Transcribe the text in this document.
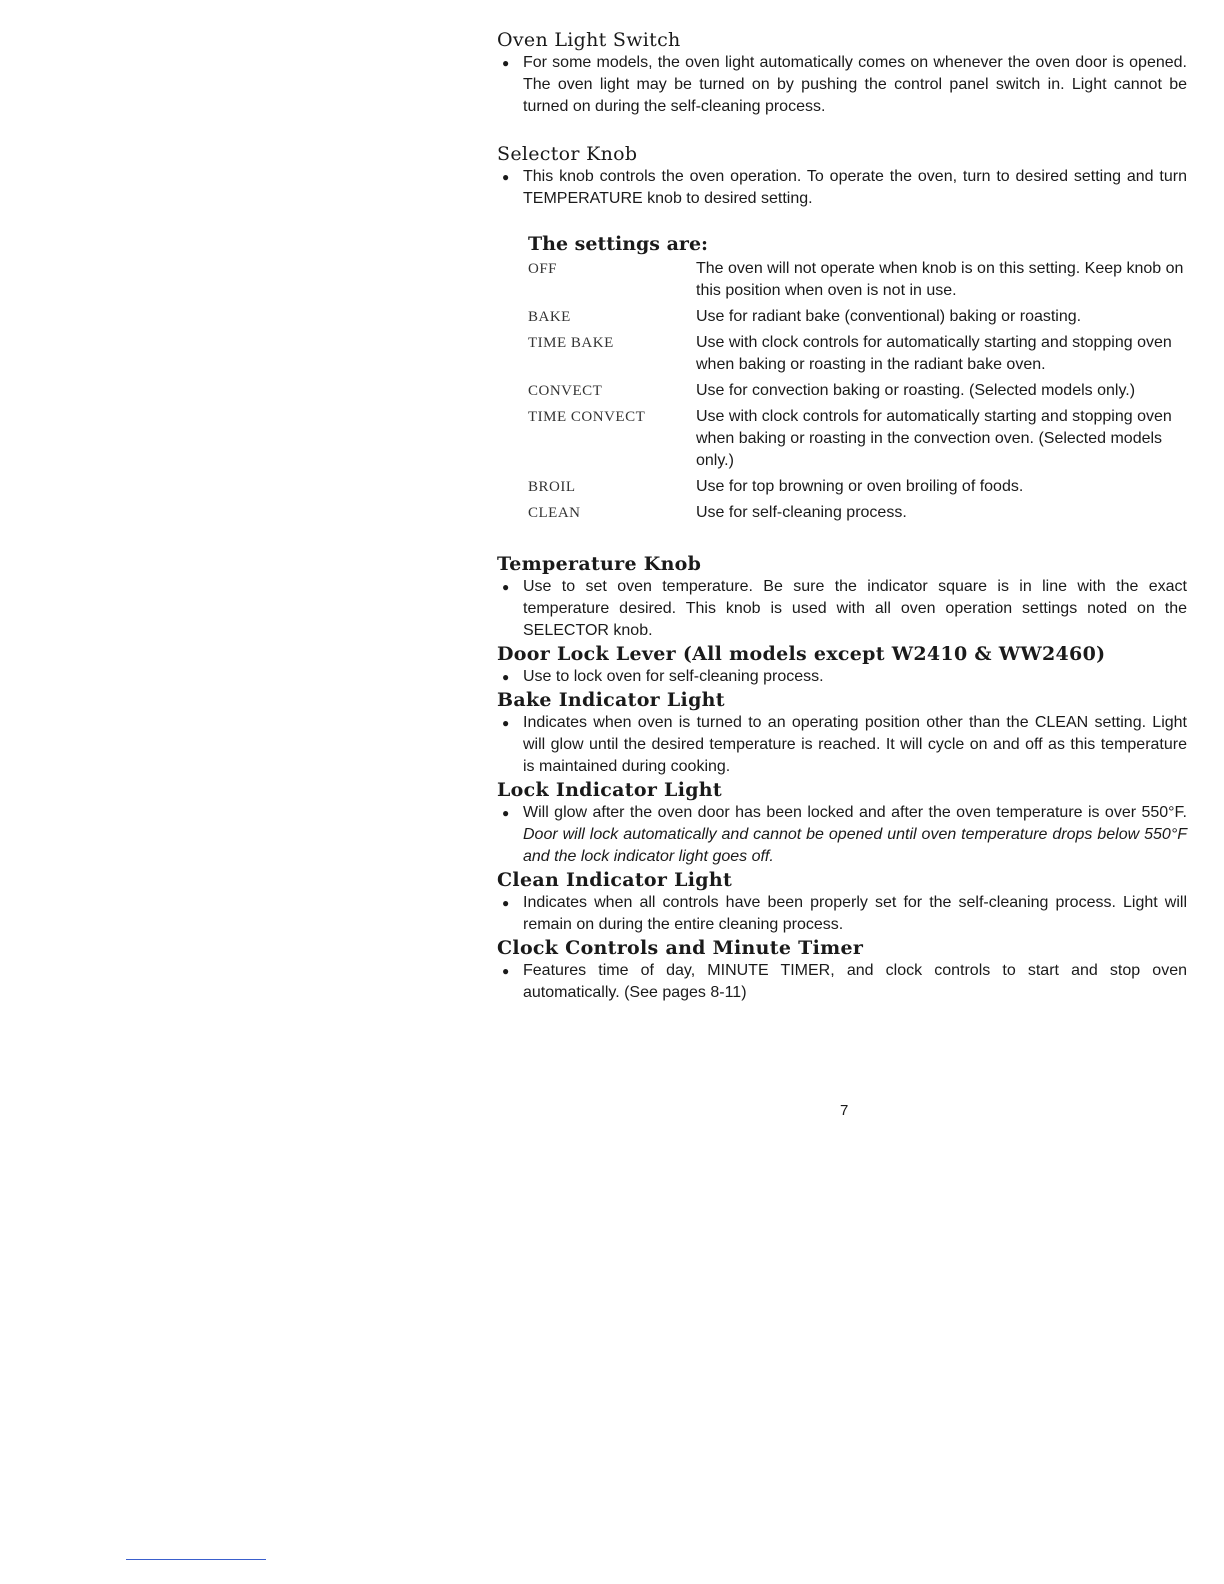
Oven Light Switch
● For some models, the oven light automatically comes on whenever the oven door is opened. The oven light may be turned on by pushing the control panel switch in. Light cannot be turned on during the self-cleaning process.
Selector Knob
● This knob controls the oven operation. To operate the oven, turn to desired setting and turn TEMPERATURE knob to desired setting.
The settings are:
OFF	The oven will not operate when knob is on this setting. Keep knob on this position when oven is not in use.
BAKE	Use for radiant bake (conventional) baking or roasting.
TIME BAKE	Use with clock controls for automatically starting and stopping oven when baking or roasting in the radiant bake oven.
CONVECT	Use for convection baking or roasting. (Selected models only.)
TIME CONVECT	Use with clock controls for automatically starting and stopping oven when baking or roasting in the convection oven. (Selected models only.)
BROIL	Use for top browning or oven broiling of foods.
CLEAN	Use for self-cleaning process.
Temperature Knob
● Use to set oven temperature. Be sure the indicator square is in line with the exact temperature desired. This knob is used with all oven operation settings noted on the SELECTOR knob.
Door Lock Lever (All models except W2410 & WW2460)
● Use to lock oven for self-cleaning process.
Bake Indicator Light
● Indicates when oven is turned to an operating position other than the CLEAN setting. Light will glow until the desired temperature is reached. It will cycle on and off as this temperature is maintained during cooking.
Lock Indicator Light
● Will glow after the oven door has been locked and after the oven temperature is over 550°F. Door will lock automatically and cannot be opened until oven temperature drops below 550°F and the lock indicator light goes off.
Clean Indicator Light
● Indicates when all controls have been properly set for the self-cleaning process. Light will remain on during the entire cleaning process.
Clock Controls and Minute Timer
● Features time of day, MINUTE TIMER, and clock controls to start and stop oven automatically. (See pages 8-11)
7
